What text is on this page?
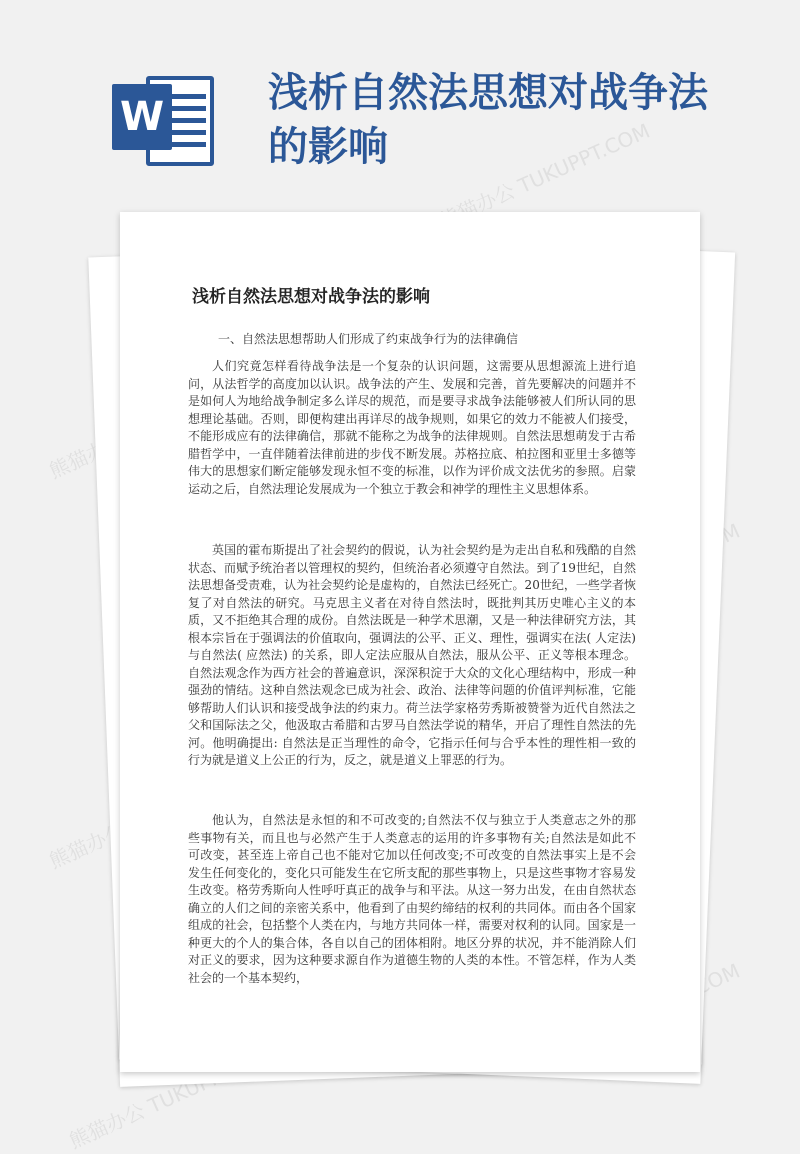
W
浅析自然法思想对战争法的影响	熊猫办公 TUKUPPT.COM
熊猫办公
熊猫办公
熊猫办公 TUKUPPT.COM
浅析自然法思想对战争法的影响

一、自然法思想帮助人们形成了约束战争行为的法律确信

人们究竟怎样看待战争法是一个复杂的认识问题，这需要从思想源流上进行追问，从法哲学的高度加以认识。战争法的产生、发展和完善，首先要解决的问题并不是如何人为地给战争制定多么详尽的规范，而是要寻求战争法能够被人们所认同的思想理论基础。否则，即便构建出再详尽的战争规则，如果它的效力不能被人们接受，不能形成应有的法律确信，那就不能称之为战争的法律规则。自然法思想萌发于古希腊哲学中，一直伴随着法律前进的步伐不断发展。苏格拉底、柏拉图和亚里士多德等伟大的思想家们断定能够发现永恒不变的标准，以作为评价成文法优劣的参照。启蒙运动之后，自然法理论发展成为一个独立于教会和神学的理性主义思想体系。

英国的霍布斯提出了社会契约的假说，认为社会契约是为走出自私和残酷的自然状态、而赋予统治者以管理权的契约，但统治者必须遵守自然法。到了19世纪，自然法思想备受责难，认为社会契约论是虚构的，自然法已经死亡。20世纪，一些学者恢复了对自然法的研究。马克思主义者在对待自然法时，既批判其历史唯心主义的本质，又不拒绝其合理的成份。自然法既是一种学术思潮，又是一种法律研究方法，其根本宗旨在于强调法的价值取向，强调法的公平、正义、理性，强调实在法( 人定法) 与自然法( 应然法) 的关系，即人定法应服从自然法，服从公平、正义等根本理念。自然法观念作为西方社会的普遍意识，深深积淀于大众的文化心理结构中，形成一种强劲的情结。这种自然法观念已成为社会、政治、法律等问题的价值评判标准，它能够帮助人们认识和接受战争法的约束力。荷兰法学家格劳秀斯被赞誉为近代自然法之父和国际法之父，他汲取古希腊和古罗马自然法学说的精华，开启了理性自然法的先河。他明确提出: 自然法是正当理性的命令，它指示任何与合乎本性的理性相一致的行为就是道义上公正的行为，反之，就是道义上罪恶的行为。

他认为，自然法是永恒的和不可改变的;自然法不仅与独立于人类意志之外的那些事物有关，而且也与必然产生于人类意志的运用的许多事物有关;自然法是如此不可改变，甚至连上帝自己也不能对它加以任何改变;不可改变的自然法事实上是不会发生任何变化的，变化只可能发生在它所支配的那些事物上，只是这些事物才容易发生改变。格劳秀斯向人性呼吁真正的战争与和平法。从这一努力出发，在由自然状态确立的人们之间的亲密关系中，他看到了由契约缔结的权利的共同体。而由各个国家组成的社会，包括整个人类在内，与地方共同体一样，需要对权利的认同。国家是一种更大的个人的集合体，各自以自己的团体相附。地区分界的状况，并不能消除人们对正义的要求，因为这种要求源自作为道德生物的人类的本性。不管怎样，作为人类社会的一个基本契约，
